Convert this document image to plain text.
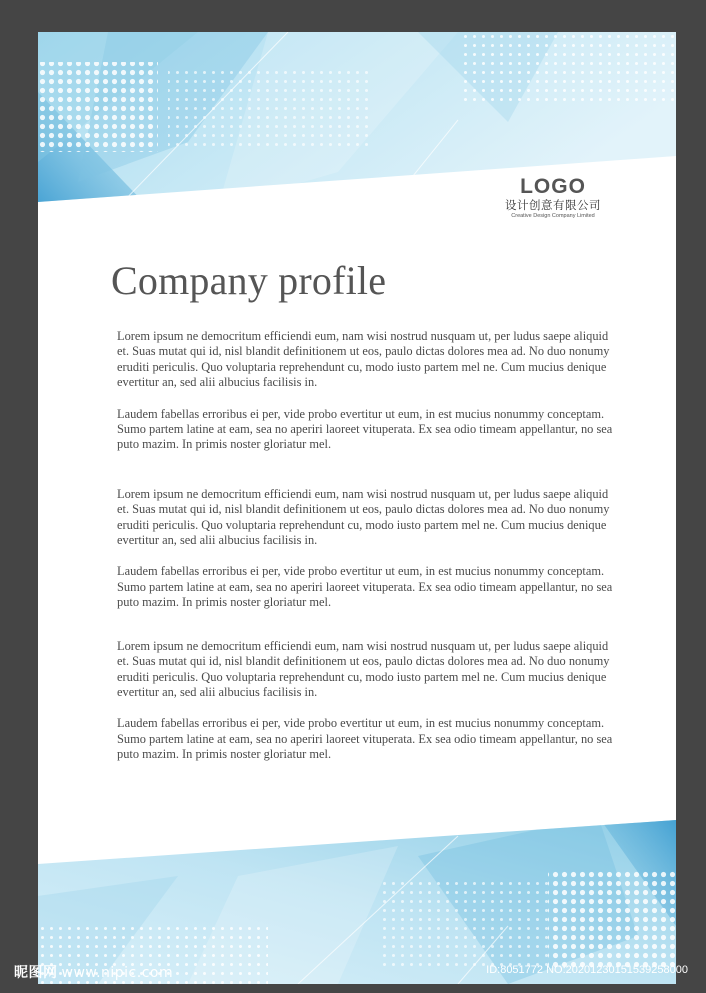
LOGO
设计创意有限公司
Creative Design Company Limited
Company profile

Lorem ipsum ne democritum efficiendi eum, nam wisi nostrud nusquam ut, per ludus saepe aliquid et. Suas mutat qui id, nisl blandit definitionem ut eos, paulo dictas dolores mea ad. No duo nonumy eruditi periculis. Quo voluptaria reprehendunt cu, modo iusto partem mel ne. Cum mucius denique evertitur an, sed alii albucius facilisis in.

Laudem fabellas erroribus ei per, vide probo evertitur ut eum, in est mucius nonummy conceptam. Sumo partem latine at eam, sea no aperiri laoreet vituperata. Ex sea odio timeam appellantur, no sea puto mazim. In primis noster gloriatur mel.

Lorem ipsum ne democritum efficiendi eum, nam wisi nostrud nusquam ut, per ludus saepe aliquid et. Suas mutat qui id, nisl blandit definitionem ut eos, paulo dictas dolores mea ad. No duo nonumy eruditi periculis. Quo voluptaria reprehendunt cu, modo iusto partem mel ne. Cum mucius denique evertitur an, sed alii albucius facilisis in.

Laudem fabellas erroribus ei per, vide probo evertitur ut eum, in est mucius nonummy conceptam. Sumo partem latine at eam, sea no aperiri laoreet vituperata. Ex sea odio timeam appellantur, no sea puto mazim. In primis noster gloriatur mel.

Lorem ipsum ne democritum efficiendi eum, nam wisi nostrud nusquam ut, per ludus saepe aliquid et. Suas mutat qui id, nisl blandit definitionem ut eos, paulo dictas dolores mea ad. No duo nonumy eruditi periculis. Quo voluptaria reprehendunt cu, modo iusto partem mel ne. Cum mucius denique evertitur an, sed alii albucius facilisis in.

Laudem fabellas erroribus ei per, vide probo evertitur ut eum, in est mucius nonummy conceptam. Sumo partem latine at eam, sea no aperiri laoreet vituperata. Ex sea odio timeam appellantur, no sea puto mazim. In primis noster gloriatur mel.

昵图网 www.nipic.com	ID:8051772 NO:20201230151539258000
